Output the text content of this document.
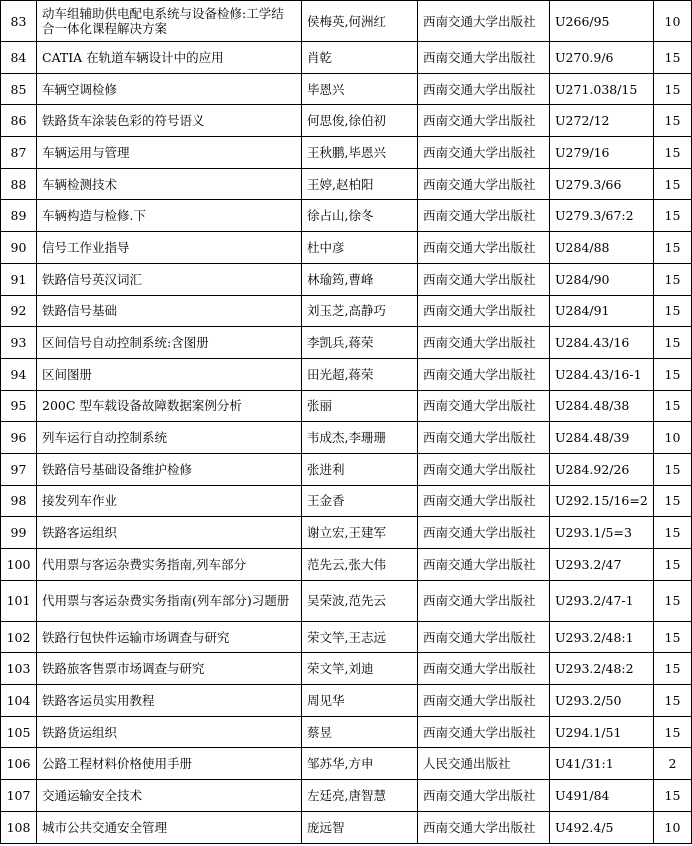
83	动车组辅助供电配电系统与设备检修:工学结合一体化课程解决方案	侯梅英,何洲红	西南交通大学出版社	U266/95	10
84	CATIA 在轨道车辆设计中的应用	肖乾	西南交通大学出版社	U270.9/6	15
85	车辆空调检修	毕恩兴	西南交通大学出版社	U271.038/15	15
86	铁路货车涂装色彩的符号语义	何思俊,徐伯初	西南交通大学出版社	U272/12	15
87	车辆运用与管理	王秋鹏,毕恩兴	西南交通大学出版社	U279/16	15
88	车辆检测技术	王婷,赵柏阳	西南交通大学出版社	U279.3/66	15
89	车辆构造与检修.下	徐占山,徐冬	西南交通大学出版社	U279.3/67:2	15
90	信号工作业指导	杜中彦	西南交通大学出版社	U284/88	15
91	铁路信号英汉词汇	林瑜筠,曹峰	西南交通大学出版社	U284/90	15
92	铁路信号基础	刘玉芝,高静巧	西南交通大学出版社	U284/91	15
93	区间信号自动控制系统:含图册	李凯兵,蒋荣	西南交通大学出版社	U284.43/16	15
94	区间图册	田光超,蒋荣	西南交通大学出版社	U284.43/16-1	15
95	200C 型车载设备故障数据案例分析	张丽	西南交通大学出版社	U284.48/38	15
96	列车运行自动控制系统	韦成杰,李珊珊	西南交通大学出版社	U284.48/39	10
97	铁路信号基础设备维护检修	张进利	西南交通大学出版社	U284.92/26	15
98	接发列车作业	王金香	西南交通大学出版社	U292.15/16=2	15
99	铁路客运组织	谢立宏,王建军	西南交通大学出版社	U293.1/5=3	15
100	代用票与客运杂费实务指南,列车部分	范先云,张大伟	西南交通大学出版社	U293.2/47	15
101	代用票与客运杂费实务指南(列车部分)习题册	吴荣波,范先云	西南交通大学出版社	U293.2/47-1	15
102	铁路行包快件运输市场调查与研究	荣文竿,王志远	西南交通大学出版社	U293.2/48:1	15
103	铁路旅客售票市场调查与研究	荣文竿,刘迪	西南交通大学出版社	U293.2/48:2	15
104	铁路客运员实用教程	周见华	西南交通大学出版社	U293.2/50	15
105	铁路货运组织	蔡昱	西南交通大学出版社	U294.1/51	15
106	公路工程材料价格使用手册	邹苏华,方申	人民交通出版社	U41/31:1	2
107	交通运输安全技术	左廷亮,唐智慧	西南交通大学出版社	U491/84	15
108	城市公共交通安全管理	庞远智	西南交通大学出版社	U492.4/5	10
